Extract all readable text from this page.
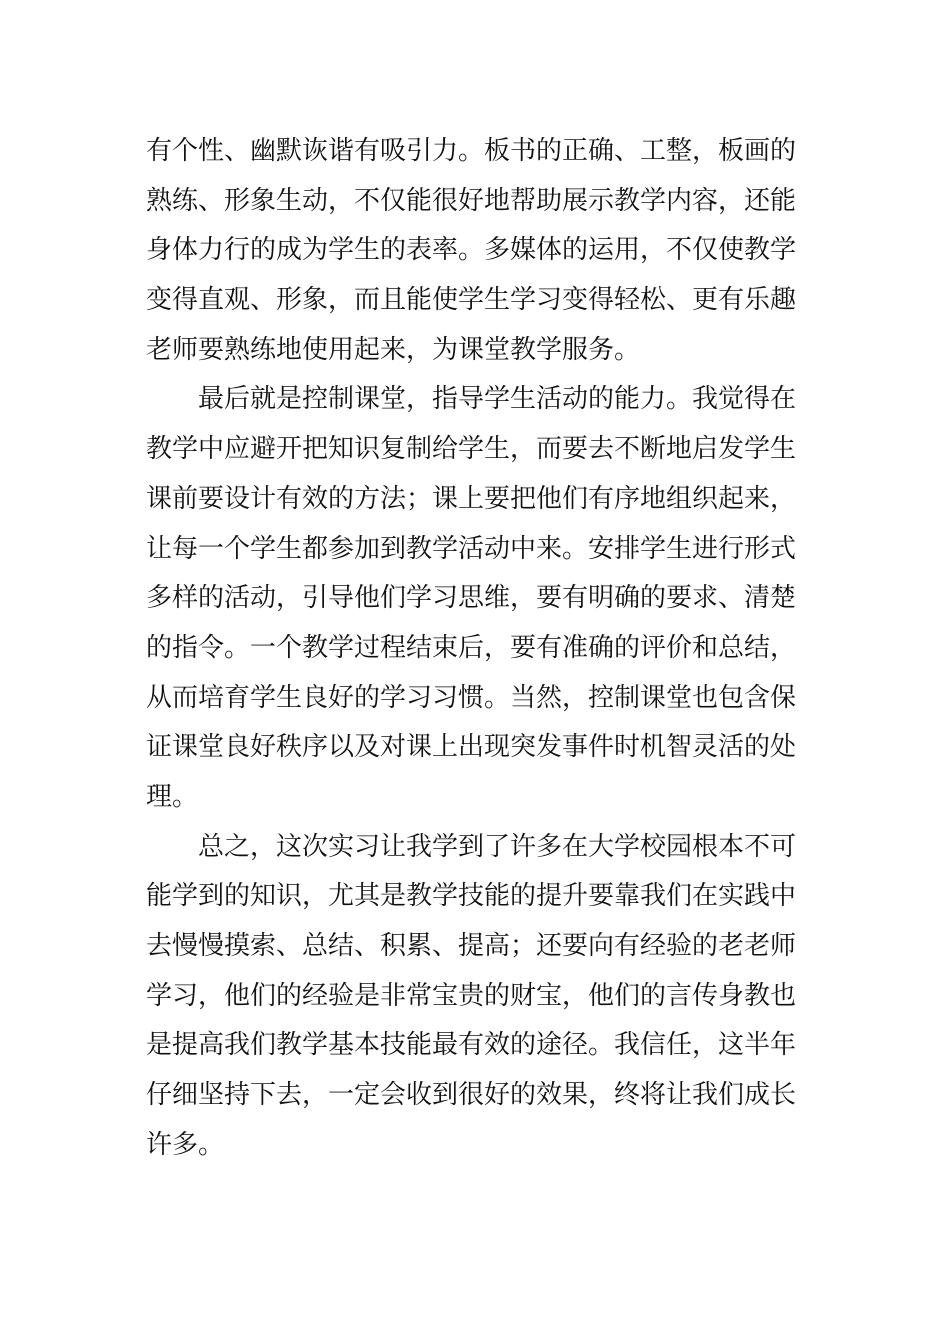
有个性、幽默诙谐有吸引力。板书的正确、工整，板画的
熟练、形象生动，不仅能很好地帮助展示教学内容，还能
身体力行的成为学生的表率。多媒体的运用，不仅使教学
变得直观、形象，而且能使学生学习变得轻松、更有乐趣
老师要熟练地使用起来，为课堂教学服务。
最后就是控制课堂，指导学生活动的能力。我觉得在
教学中应避开把知识复制给学生，而要去不断地启发学生
课前要设计有效的方法；课上要把他们有序地组织起来，
让每一个学生都参加到教学活动中来。安排学生进行形式
多样的活动，引导他们学习思维，要有明确的要求、清楚
的指令。一个教学过程结束后，要有准确的评价和总结，
从而培育学生良好的学习习惯。当然，控制课堂也包含保
证课堂良好秩序以及对课上出现突发事件时机智灵活的处
理。
总之，这次实习让我学到了许多在大学校园根本不可
能学到的知识，尤其是教学技能的提升要靠我们在实践中
去慢慢摸索、总结、积累、提高；还要向有经验的老老师
学习，他们的经验是非常宝贵的财宝，他们的言传身教也
是提高我们教学基本技能最有效的途径。我信任，这半年
仔细坚持下去，一定会收到很好的效果，终将让我们成长
许多。
